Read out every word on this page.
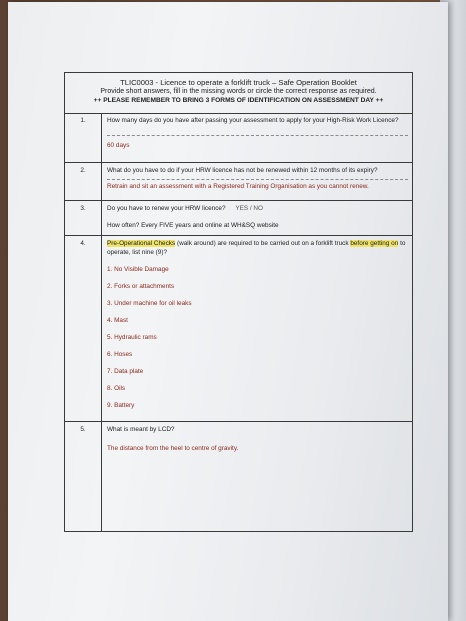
TLIC0003 - Licence to operate a forklift truck – Safe Operation Booklet
Provide short answers, fill in the missing words or circle the correct response as required.
++ PLEASE REMEMBER TO BRING 3 FORMS OF IDENTIFICATION ON ASSESSMENT DAY ++
1.	How many days do you have after passing your assessment to apply for your High-Risk Work Licence?
60 days
2.	What do you have to do if your HRW licence has not be renewed within 12 months of its expiry?
Retrain and sit an assessment with a Registered Training Organisation as you cannot renew.
3.	Do you have to renew your HRW licence? YES / NO
How often? Every FIVE years and online at WH&SQ website
4.	Pre-Operational Checks (walk around) are required to be carried out on a forklift truck before getting on to operate, list nine (9)?
1. No Visible Damage
2. Forks or attachments
3. Under machine for oil leaks
4. Mast
5. Hydraulic rams
6. Hoses
7. Data plate
8. Oils
9. Battery
5.	What is meant by LCD?
The distance from the heel to centre of gravity.
